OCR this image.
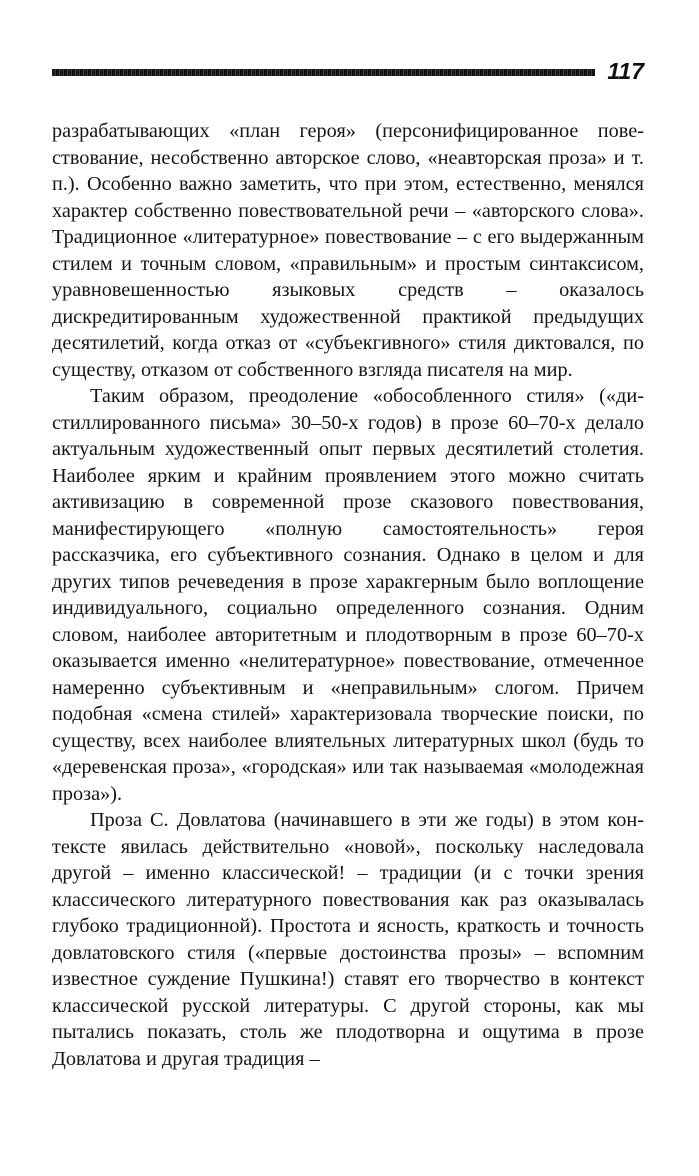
117

разрабатывающих «план героя» (персонифицированное повествование, несобственно авторское слово, «неавторская проза» и т. п.). Особенно важно заметить, что при этом, естественно, менялся характер собственно повествовательной речи – «авторского слова». Традиционное «литературное» повествование – с его выдержанным стилем и точным словом, «правильным» и простым синтаксисом, уравновешенностью языковых средств – оказалось дискредитированным художественной практикой предыдущих десятилетий, когда отказ от «субъекгивного» стиля диктовался, по существу, отказом от собственного взгляда писателя на мир.

Таким образом, преодоление «обособленного стиля» («дистиллированного письма» 30–50-х годов) в прозе 60–70-х делало актуальным художественный опыт первых десятилетий столетия. Наиболее ярким и крайним проявлением этого можно считать активизацию в современной прозе сказового повествования, манифестирующего «полную самостоятельность» героя рассказчика, его субъективного сознания. Однако в целом и для других типов речеведения в прозе харакгерным было воплощение индивидуального, социально определенного сознания. Одним словом, наиболее авторитетным и плодотворным в прозе 60–70-х оказывается именно «нелитературное» повествование, отмеченное намеренно субъективным и «неправильным» слогом. Причем подобная «смена стилей» характеризовала творческие поиски, по существу, всех наиболее влиятельных литературных школ (будь то «деревенская проза», «городская» или так называемая «молодежная проза»).

Проза С. Довлатова (начинавшего в эти же годы) в этом контексте явилась действительно «новой», поскольку наследовала другой – именно классической! – традиции (и с точки зрения классического литературного повествования как раз оказывалась глубоко традиционной). Простота и ясность, краткость и точность довлатовского стиля («первые достоинства прозы» – вспомним известное суждение Пушкина!) ставят его творчество в контекст классической русской литературы. С другой стороны, как мы пытались показать, столь же плодотворна и ощутима в прозе Довлатова и другая традиция –
